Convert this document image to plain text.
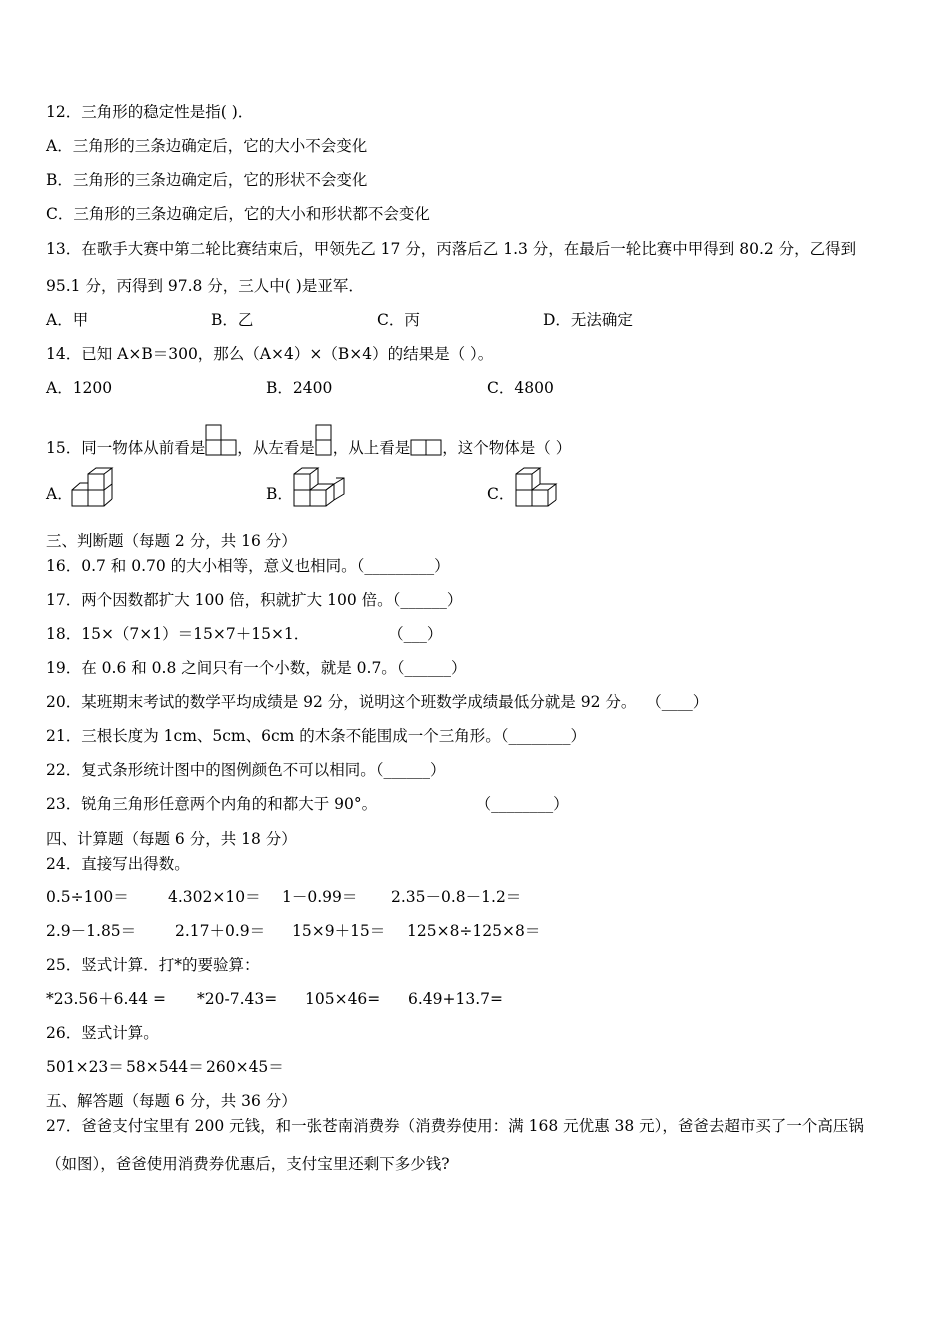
12．三角形的稳定性是指( )．
A．三角形的三条边确定后，它的大小不会变化
B．三角形的三条边确定后，它的形状不会变化
C．三角形的三条边确定后，它的大小和形状都不会变化
13．在歌手大赛中第二轮比赛结束后，甲领先乙 17 分，丙落后乙 1.3 分，在最后一轮比赛中甲得到 80.2 分，乙得到
95.1 分，丙得到 97.8 分，三人中( )是亚军．
A．甲	B．乙	C．丙	D．无法确定
14．已知 A×B＝300，那么（A×4）×（B×4）的结果是（ ）。
A．1200	B．2400	C．4800
15．同一物体从前看是 ，从左看是 ，从上看是 ，这个物体是（ ）
A．	B．	C．
三、判断题（每题 2 分，共 16 分）
16．0.7 和 0.70 的大小相等，意义也相同。（_________）
17．两个因数都扩大 100 倍，积就扩大 100 倍。（______）
18．15×（7×1）＝15×7＋15×1．                （___）
19．在 0.6 和 0.8 之间只有一个小数，就是 0.7。（______）
20．某班期末考试的数学平均成绩是 92 分，说明这个班数学成绩最低分就是 92 分。  （____）
21．三根长度为 1cm、5cm、6cm 的木条不能围成一个三角形。（________）
22．复式条形统计图中的图例颜色不可以相同。（______）
23．锐角三角形任意两个内角的和都大于 90°。                    （________）
四、计算题（每题 6 分，共 18 分）
24．直接写出得数。
0.5÷100＝	4.302×10＝ 1－0.99＝ 2.35－0.8－1.2＝
2.9－1.85＝	2.17＋0.9＝ 15×9＋15＝ 125×8÷125×8＝
25．竖式计算．打*的要验算：
*23.56＋6.44 = *20-7.43= 105×46= 6.49+13.7=
26．竖式计算。
501×23＝ 58×544＝ 260×45＝
五、解答题（每题 6 分，共 36 分）
27．爸爸支付宝里有 200 元钱，和一张苍南消费券（消费券使用：满 168 元优惠 38 元），爸爸去超市买了一个高压锅
（如图），爸爸使用消费券优惠后，支付宝里还剩下多少钱?
